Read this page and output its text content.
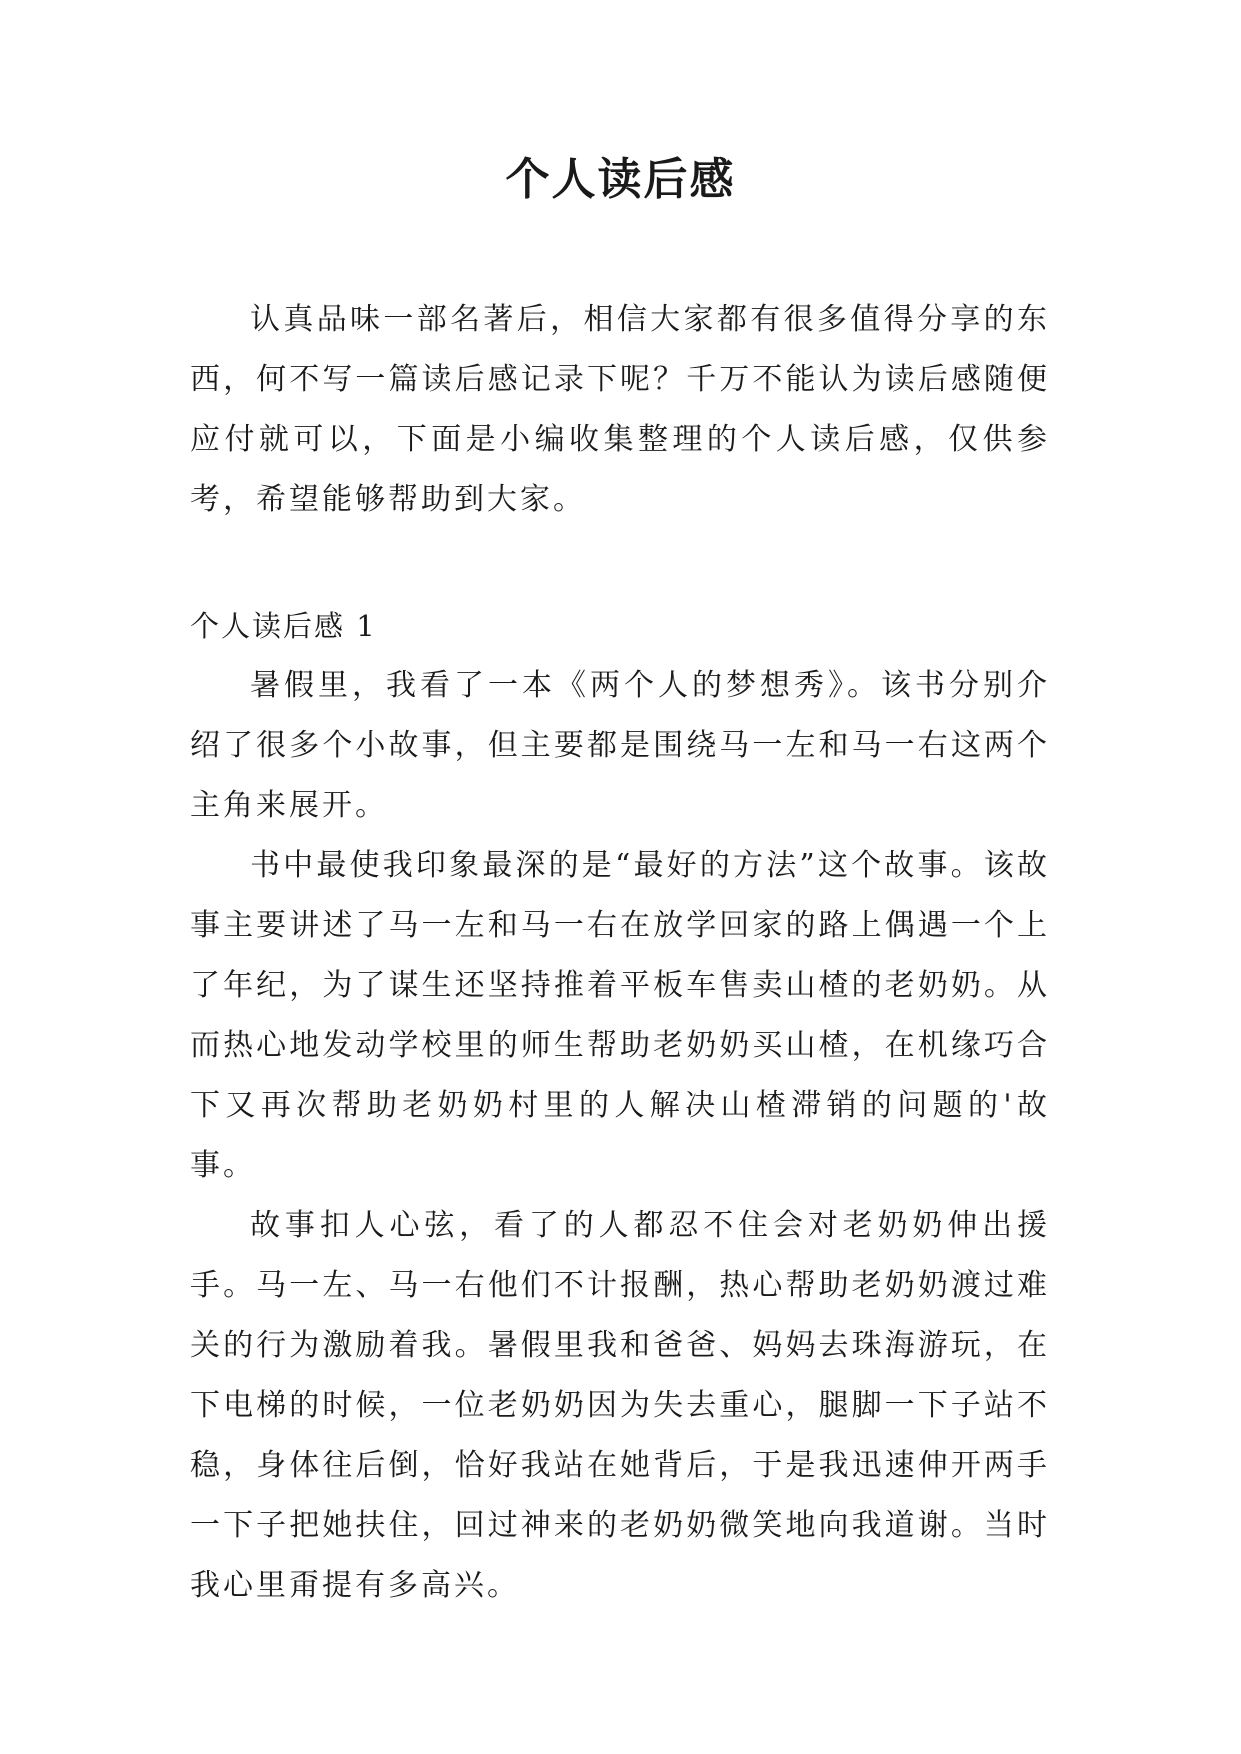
个人读后感

认真品味一部名著后，相信大家都有很多值得分享的东西，何不写一篇读后感记录下呢？千万不能认为读后感随便应付就可以，下面是小编收集整理的个人读后感，仅供参考，希望能够帮助到大家。

个人读后感 1

暑假里，我看了一本《两个人的梦想秀》。该书分别介绍了很多个小故事，但主要都是围绕马一左和马一右这两个主角来展开。

书中最使我印象最深的是“最好的方法”这个故事。该故事主要讲述了马一左和马一右在放学回家的路上偶遇一个上了年纪，为了谋生还坚持推着平板车售卖山楂的老奶奶。从而热心地发动学校里的师生帮助老奶奶买山楂，在机缘巧合下又再次帮助老奶奶村里的人解决山楂滞销的问题的'故事。

故事扣人心弦，看了的人都忍不住会对老奶奶伸出援手。马一左、马一右他们不计报酬，热心帮助老奶奶渡过难关的行为激励着我。暑假里我和爸爸、妈妈去珠海游玩，在下电梯的时候，一位老奶奶因为失去重心，腿脚一下子站不稳，身体往后倒，恰好我站在她背后，于是我迅速伸开两手一下子把她扶住，回过神来的老奶奶微笑地向我道谢。当时我心里甭提有多高兴。
